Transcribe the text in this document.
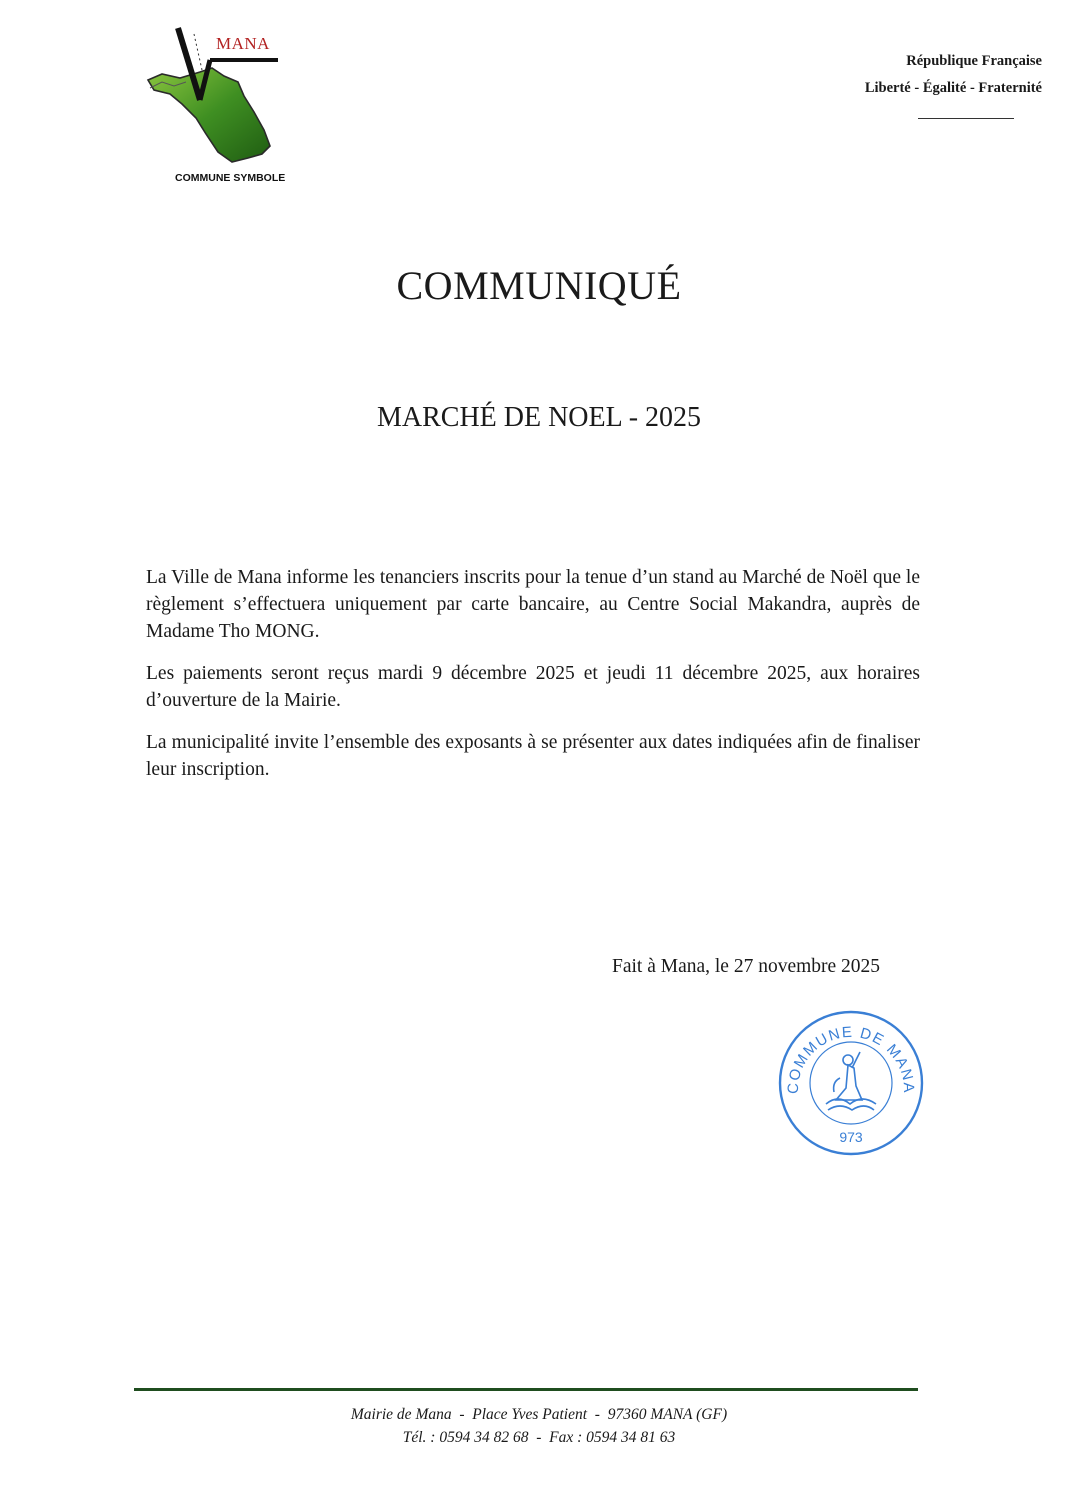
MANA
COMMUNE SYMBOLE
République Française
Liberté - Égalité - Fraternité
COMMUNIQUÉ
MARCHÉ DE NOEL - 2025

La Ville de Mana informe les tenanciers inscrits pour la tenue d’un stand au Marché de Noël que le règlement s’effectuera uniquement par carte bancaire, au Centre Social Makandra, auprès de Madame Tho MONG.

Les paiements seront reçus mardi 9 décembre 2025 et jeudi 11 décembre 2025, aux horaires d’ouverture de la Mairie.

La municipalité invite l’ensemble des exposants à se présenter aux dates indiquées afin de finaliser leur inscription.

Fait à Mana, le 27 novembre 2025
COMMUNE DE MANA
973
Mairie de Mana  -  Place Yves Patient  -  97360 MANA (GF)
Tél. : 0594 34 82 68  -  Fax : 0594 34 81 63
